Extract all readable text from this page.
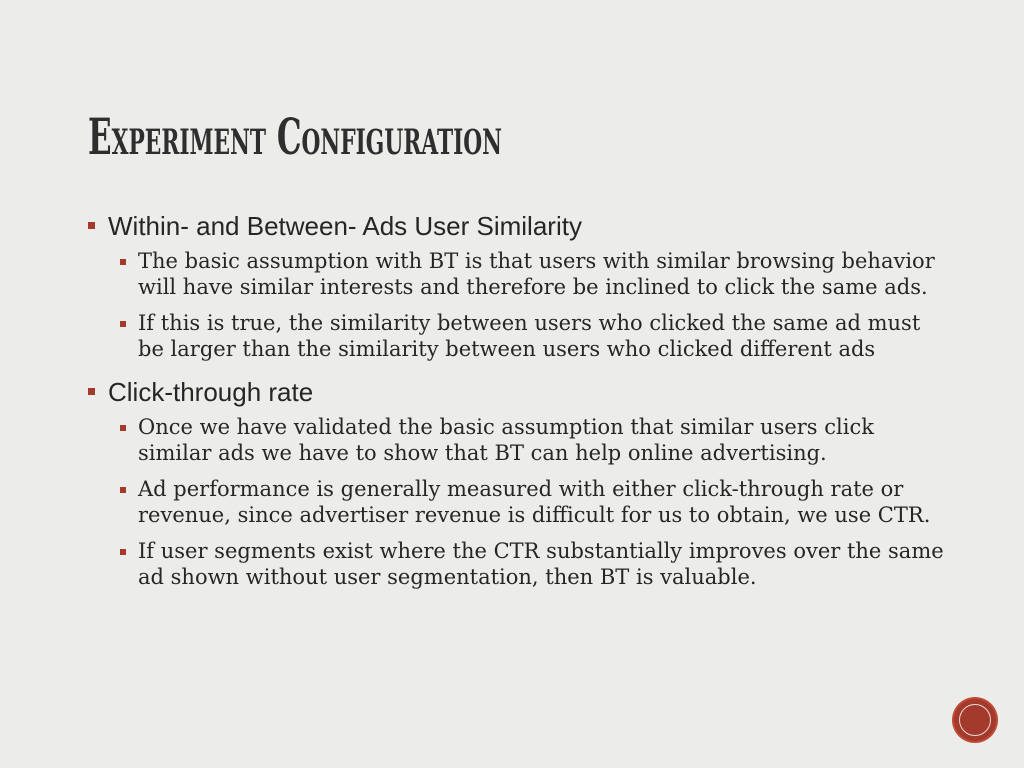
Experiment Configuration
Within- and Between- Ads User Similarity
The basic assumption with BT is that users with similar browsing behavior will have similar interests and therefore be inclined to click the same ads.
If this is true, the similarity between users who clicked the same ad must be larger than the similarity between users who clicked different ads
Click-through rate
Once we have validated the basic assumption that similar users click similar ads we have to show that BT can help online advertising.
Ad performance is generally measured with either click-through rate or revenue, since advertiser revenue is difficult for us to obtain, we use CTR.
If user segments exist where the CTR substantially improves over the same ad shown without user segmentation, then BT is valuable.
